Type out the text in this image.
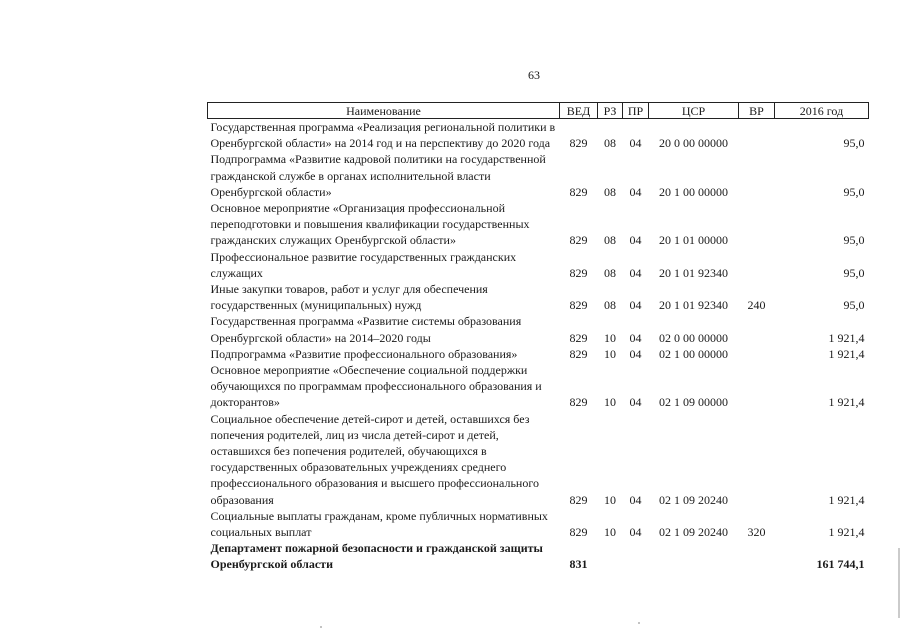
63
Наименование	ВЕД	РЗ	ПР	ЦСР	ВР	2016 год
Государственная программа «Реализация региональной политики в Оренбургской области» на 2014 год и на перспективу до 2020 года	829	08	04	20 0 00 00000		95,0
Подпрограмма «Развитие кадровой политики на государственной гражданской службе в органах исполнительной власти Оренбургской области»	829	08	04	20 1 00 00000		95,0
Основное мероприятие «Организация профессиональной переподготовки и повышения квалификации государственных гражданских служащих Оренбургской области»	829	08	04	20 1 01 00000		95,0
Профессиональное развитие государственных гражданских служащих	829	08	04	20 1 01 92340		95,0
Иные закупки товаров, работ и услуг для обеспечения государственных (муниципальных) нужд	829	08	04	20 1 01 92340	240	95,0
Государственная программа «Развитие системы образования Оренбургской области» на 2014–2020 годы	829	10	04	02 0 00 00000		1 921,4
Подпрограмма «Развитие профессионального образования»	829	10	04	02 1 00 00000		1 921,4
Основное мероприятие «Обеспечение социальной поддержки обучающихся по программам профессионального образования и докторантов»	829	10	04	02 1 09 00000		1 921,4
Социальное обеспечение детей-сирот и детей, оставшихся без попечения родителей, лиц из числа детей-сирот и детей, оставшихся без попечения родителей, обучающихся в государственных образовательных учреждениях среднего профессионального образования и высшего профессионального образования	829	10	04	02 1 09 20240		1 921,4
Социальные выплаты гражданам, кроме публичных нормативных социальных выплат	829	10	04	02 1 09 20240	320	1 921,4
Департамент пожарной безопасности и гражданской защиты Оренбургской области	831					161 744,1
